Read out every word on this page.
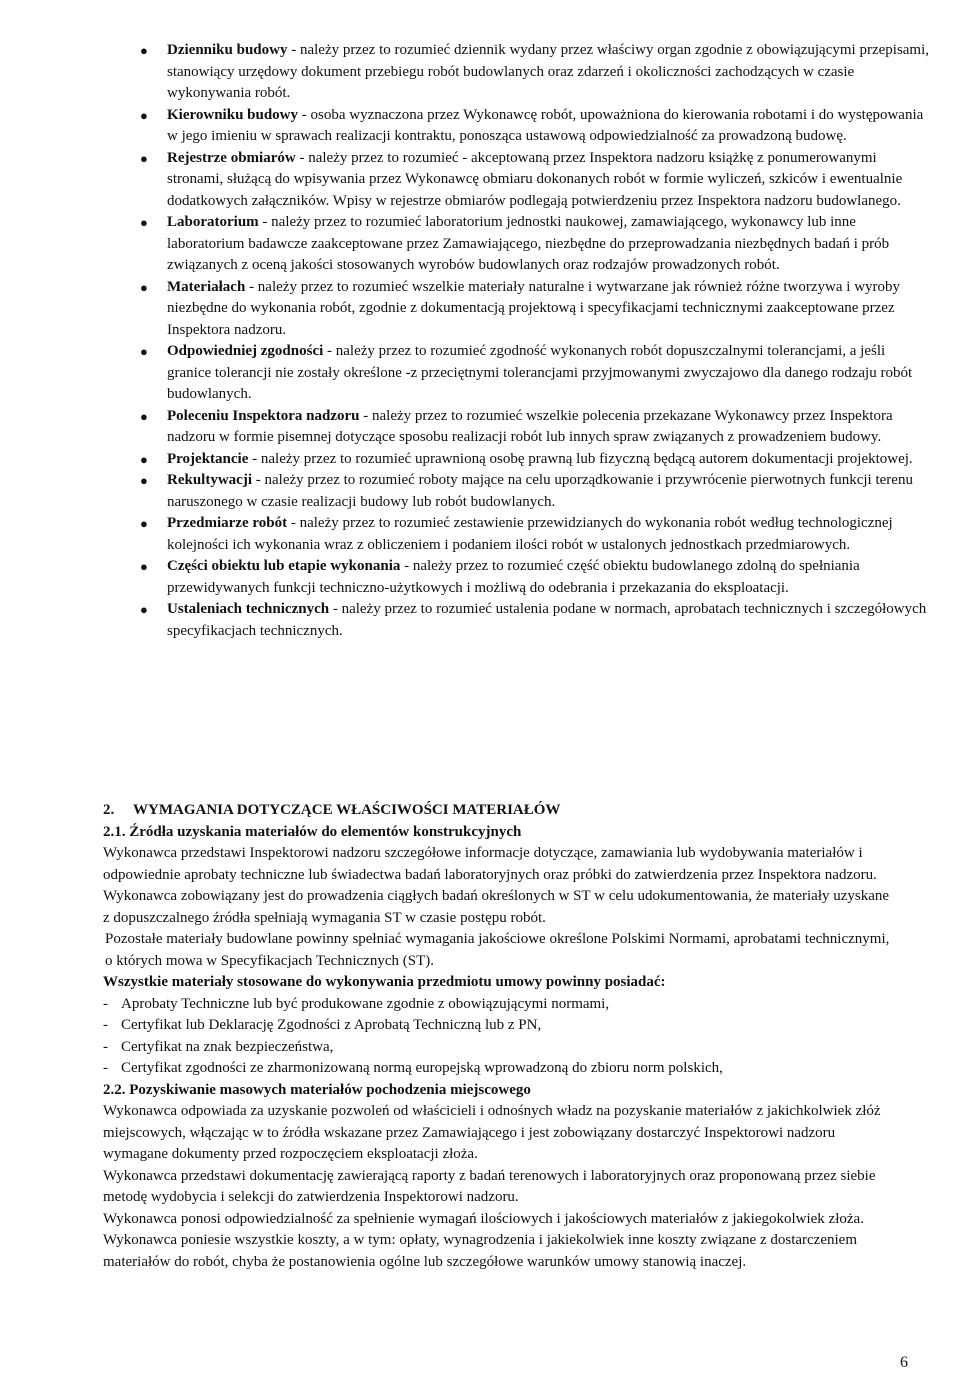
● Dzienniku budowy - należy przez to rozumieć dziennik wydany przez właściwy organ zgodnie z obowiązującymi przepisami, stanowiący urzędowy dokument przebiegu robót budowlanych oraz zdarzeń i okoliczności zachodzących w czasie wykonywania robót.
● Kierowniku budowy - osoba wyznaczona przez Wykonawcę robót, upoważniona do kierowania robotami i do występowania w jego imieniu w sprawach realizacji kontraktu, ponosząca ustawową odpowiedzialność za prowadzoną budowę.
● Rejestrze obmiarów - należy przez to rozumieć - akceptowaną przez Inspektora nadzoru książkę z ponumerowanymi stronami, służącą do wpisywania przez Wykonawcę obmiaru dokonanych robót w formie wyliczeń, szkiców i ewentualnie dodatkowych załączników. Wpisy w rejestrze obmiarów podlegają potwierdzeniu przez Inspektora nadzoru budowlanego.
● Laboratorium - należy przez to rozumieć laboratorium jednostki naukowej, zamawiającego, wykonawcy lub inne laboratorium badawcze zaakceptowane przez Zamawiającego, niezbędne do przeprowadzania niezbędnych badań i prób związanych z oceną jakości stosowanych wyrobów budowlanych oraz rodzajów prowadzonych robót.
● Materiałach - należy przez to rozumieć wszelkie materiały naturalne i wytwarzane jak również różne tworzywa i wyroby niezbędne do wykonania robót, zgodnie z dokumentacją projektową i specyfikacjami technicznymi zaakceptowane przez Inspektora nadzoru.
● Odpowiedniej zgodności - należy przez to rozumieć zgodność wykonanych robót dopuszczalnymi tolerancjami, a jeśli granice tolerancji nie zostały określone -z przeciętnymi tolerancjami przyjmowanymi zwyczajowo dla danego rodzaju robót budowlanych.
● Poleceniu Inspektora nadzoru - należy przez to rozumieć wszelkie polecenia przekazane Wykonawcy przez Inspektora nadzoru w formie pisemnej dotyczące sposobu realizacji robót lub innych spraw związanych z prowadzeniem budowy.
● Projektancie - należy przez to rozumieć uprawnioną osobę prawną lub fizyczną będącą autorem dokumentacji projektowej.
● Rekultywacji - należy przez to rozumieć roboty mające na celu uporządkowanie i przywrócenie pierwotnych funkcji terenu naruszonego w czasie realizacji budowy lub robót budowlanych.
● Przedmiarze robót - należy przez to rozumieć zestawienie przewidzianych do wykonania robót według technologicznej kolejności ich wykonania wraz z obliczeniem i podaniem ilości robót w ustalonych jednostkach przedmiarowych.
● Części obiektu lub etapie wykonania - należy przez to rozumieć część obiektu budowlanego zdolną do spełniania przewidywanych funkcji techniczno-użytkowych i możliwą do odebrania i przekazania do eksploatacji.
● Ustaleniach technicznych - należy przez to rozumieć ustalenia podane w normach, aprobatach technicznych i szczegółowych specyfikacjach technicznych.

2. WYMAGANIA DOTYCZĄCE WŁAŚCIWOŚCI MATERIAŁÓW

2.1. Źródła uzyskania materiałów do elementów konstrukcyjnych

Wykonawca przedstawi Inspektorowi nadzoru szczegółowe informacje dotyczące, zamawiania lub wydobywania materiałów i odpowiednie aprobaty techniczne lub świadectwa badań laboratoryjnych oraz próbki do zatwierdzenia przez Inspektora nadzoru. Wykonawca zobowiązany jest do prowadzenia ciągłych badań określonych w ST w celu udokumentowania, że materiały uzyskane z dopuszczalnego źródła spełniają wymagania ST w czasie postępu robót.

Pozostałe materiały budowlane powinny spełniać wymagania jakościowe określone Polskimi Normami, aprobatami technicznymi, o których mowa w Specyfikacjach Technicznych (ST).

Wszystkie materiały stosowane do wykonywania przedmiotu umowy powinny posiadać:

- Aprobaty Techniczne lub być produkowane zgodnie z obowiązującymi normami,

- Certyfikat lub Deklarację Zgodności z Aprobatą Techniczną lub z PN,

- Certyfikat na znak bezpieczeństwa,

- Certyfikat zgodności ze zharmonizowaną normą europejską wprowadzoną do zbioru norm polskich,

2.2. Pozyskiwanie masowych materiałów pochodzenia miejscowego

Wykonawca odpowiada za uzyskanie pozwoleń od właścicieli i odnośnych władz na pozyskanie materiałów z jakichkolwiek złóż miejscowych, włączając w to źródła wskazane przez Zamawiającego i jest zobowiązany dostarczyć Inspektorowi nadzoru wymagane dokumenty przed rozpoczęciem eksploatacji złoża.

Wykonawca przedstawi dokumentację zawierającą raporty z badań terenowych i laboratoryjnych oraz proponowaną przez siebie metodę wydobycia i selekcji do zatwierdzenia Inspektorowi nadzoru.

Wykonawca ponosi odpowiedzialność za spełnienie wymagań ilościowych i jakościowych materiałów z jakiegokolwiek złoża.

Wykonawca poniesie wszystkie koszty, a w tym: opłaty, wynagrodzenia i jakiekolwiek inne koszty związane z dostarczeniem materiałów do robót, chyba że postanowienia ogólne lub szczegółowe warunków umowy stanowią inaczej.

6
